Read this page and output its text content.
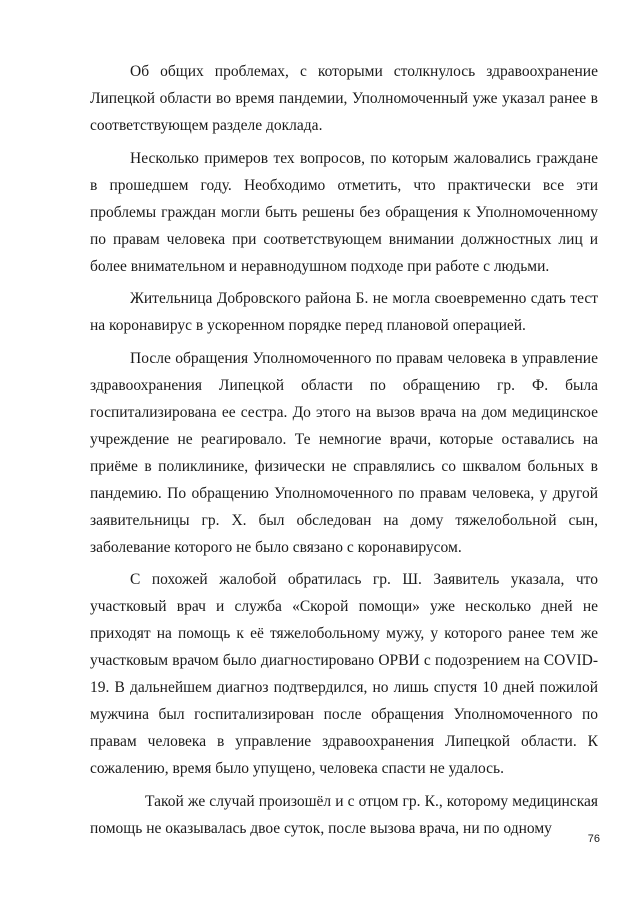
Об общих проблемах, с которыми столкнулось здравоохранение Липецкой области во время пандемии, Уполномоченный уже указал ранее в соответствующем разделе доклада.

Несколько примеров тех вопросов, по которым жаловались граждане в прошедшем году. Необходимо отметить, что практически все эти проблемы граждан могли быть решены без обращения к Уполномоченному по правам человека при соответствующем внимании должностных лиц и более внимательном и неравнодушном подходе при работе с людьми.

Жительница Добровского района Б. не могла своевременно сдать тест на коронавирус в ускоренном порядке перед плановой операцией.

После обращения Уполномоченного по правам человека в управление здравоохранения Липецкой области по обращению гр. Ф. была госпитализирована ее сестра. До этого на вызов врача на дом медицинское учреждение не реагировало. Те немногие врачи, которые оставались на приёме в поликлинике, физически не справлялись со шквалом больных в пандемию. По обращению Уполномоченного по правам человека, у другой заявительницы гр. Х. был обследован на дому тяжелобольной сын, заболевание которого не было связано с коронавирусом.

С похожей жалобой обратилась гр. Ш. Заявитель указала, что участковый врач и служба «Скорой помощи» уже несколько дней не приходят на помощь к её тяжелобольному мужу, у которого ранее тем же участковым врачом было диагностировано ОРВИ с подозрением на COVID-19. В дальнейшем диагноз подтвердился, но лишь спустя 10 дней пожилой мужчина был госпитализирован после обращения Уполномоченного по правам человека в управление здравоохранения Липецкой области. К сожалению, время было упущено, человека спасти не удалось.

Такой же случай произошёл и с отцом гр. К., которому медицинская помощь не оказывалась двое суток, после вызова врача, ни по одному

76
